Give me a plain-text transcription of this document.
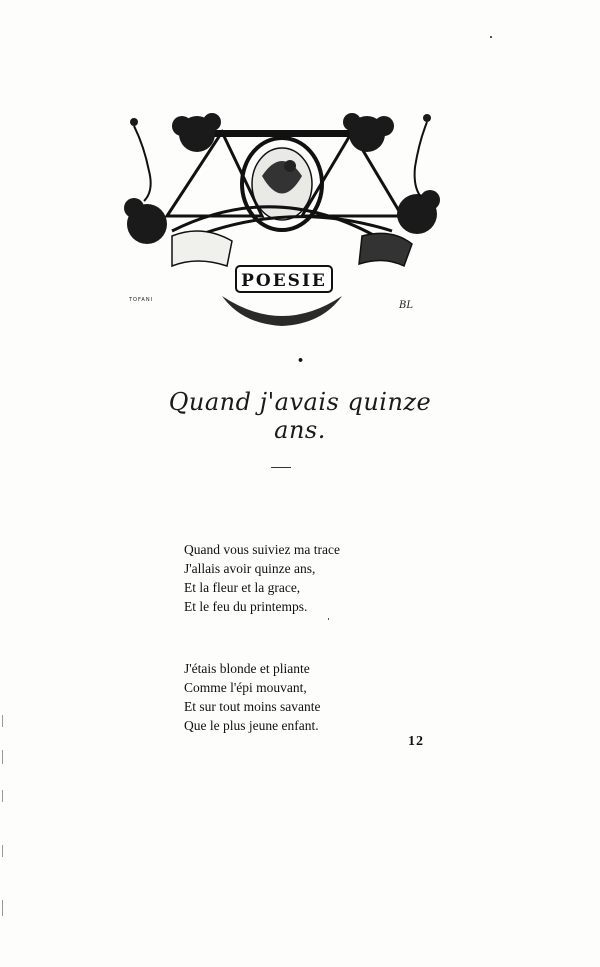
POESIE
TOFANI	BL
•
Quand j'avais quinze ans.
Quand vous suiviez ma trace
J'allais avoir quinze ans,
Et la fleur et la grace,
Et le feu du printemps.
J'étais blonde et pliante
Comme l'épi mouvant,
Et sur tout moins savante
Que le plus jeune enfant.
12
